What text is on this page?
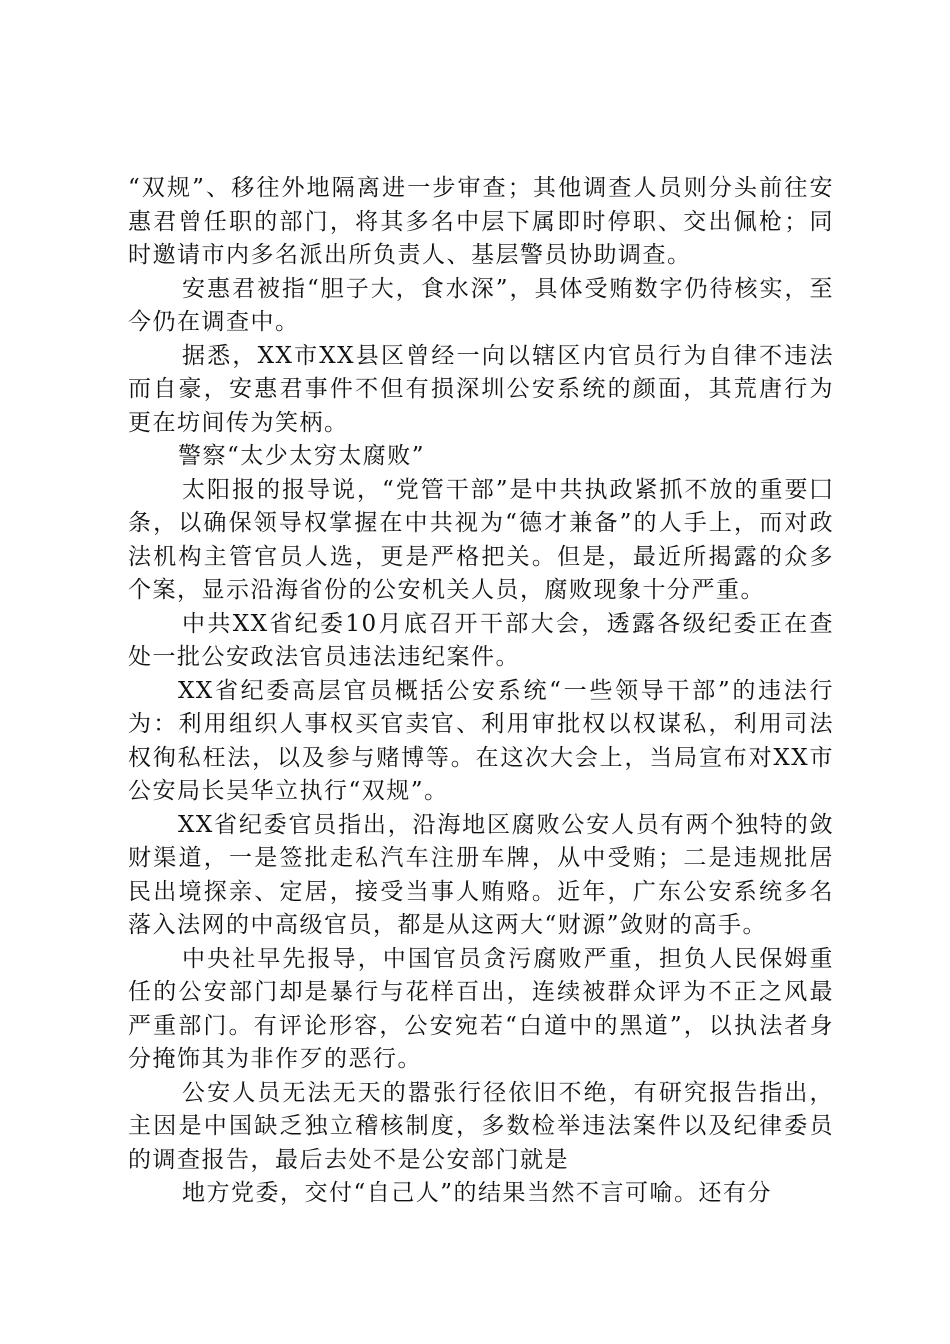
“双规”、移往外地隔离进一步审查；其他调查人员则分头前往安惠君曾任职的部门，将其多名中层下属即时停职、交出佩枪；同时邀请市内多名派出所负责人、基层警员协助调查。

安惠君被指“胆子大，食水深”，具体受贿数字仍待核实，至今仍在调查中。

据悉，XX市XX县区曾经一向以辖区内官员行为自律不违法而自豪，安惠君事件不但有损深圳公安系统的颜面，其荒唐行为更在坊间传为笑柄。

警察“太少太穷太腐败”

太阳报的报导说，“党管干部”是中共执政紧抓不放的重要囗条，以确保领导权掌握在中共视为“德才兼备”的人手上，而对政法机构主管官员人选，更是严格把关。但是，最近所揭露的众多个案，显示沿海省份的公安机关人员，腐败现象十分严重。

中共XX省纪委10月底召开干部大会，透露各级纪委正在查处一批公安政法官员违法违纪案件。

XX省纪委高层官员概括公安系统“一些领导干部”的违法行为：利用组织人事权买官卖官、利用审批权以权谋私，利用司法权徇私枉法，以及参与赌博等。在这次大会上，当局宣布对XX市公安局长吴华立执行“双规”。

XX省纪委官员指出，沿海地区腐败公安人员有两个独特的敛财渠道，一是签批走私汽车注册车牌，从中受贿；二是违规批居民出境探亲、定居，接受当事人贿赂。近年，广东公安系统多名落入法网的中高级官员，都是从这两大“财源”敛财的高手。

中央社早先报导，中国官员贪污腐败严重，担负人民保姆重任的公安部门却是暴行与花样百出，连续被群众评为不正之风最严重部门。有评论形容，公安宛若“白道中的黑道”，以执法者身分掩饰其为非作歹的恶行。

公安人员无法无天的嚣张行径依旧不绝，有研究报告指出，主因是中国缺乏独立稽核制度，多数检举违法案件以及纪律委员的调查报告，最后去处不是公安部门就是

地方党委，交付“自己人”的结果当然不言可喻。还有分
